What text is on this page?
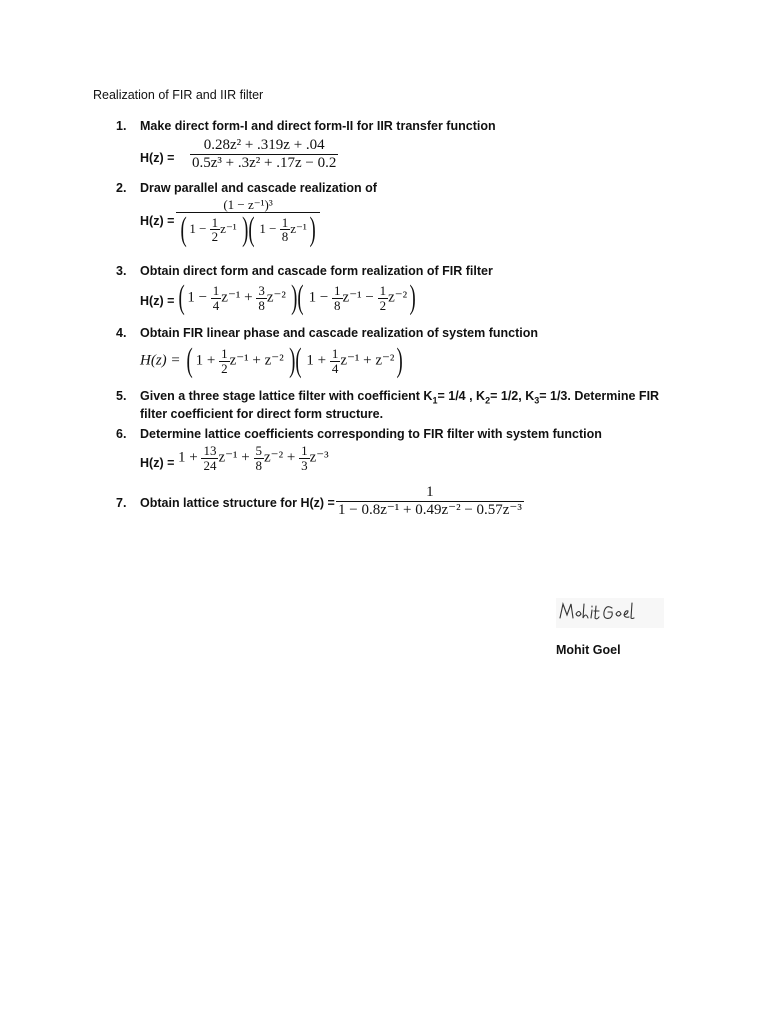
Realization of FIR and IIR filter
1. Make direct form-I and direct form-II for IIR transfer function
$H(z) = \frac{\text{0.28z² + .319z + .04}}{\text{0.5z³ + .3z² + .17z − 0.2}}$
2. Draw parallel and cascade realization of
$H(z) = \frac{\text{(1 − z⁻¹)³}}{( 1 - \frac{1}{2} z^{-1} )( 1 - \frac{1}{8} z^{-1})}$
3. Obtain direct form and cascade form realization of FIR filter
H(z) = ( $1 - \frac{1}{4} z^{-1} + \frac{3}{8} z^{-2}$ )( $1 - \frac{1}{8} z^{-1} - \frac{1}{2} z^{-2}$)
4. Obtain FIR linear phase and cascade realization of system function
H(z) = ( $1 + \frac{1}{2} z^{-1} + z^{-2}$ )( $1 + \frac{1}{4} z^{-1} + z^{-2}$)
5. Given a three stage lattice filter with coefficient $K_1= 1/4$ , $K_2= 1/2$, $K_3= 1/3$. Determine FIR
filter coefficient for direct form structure.
6. Determine lattice coefficients corresponding to FIR filter with system function
$H(z) = 1 + \frac{13}{24} z^{-1} + \frac{5}{8} z^{-2} + \frac{1}{3} z^{-3}$
7. Obtain lattice structure for $H(z) = \frac{1}{\text{1 − 0.8z⁻¹ + 0.49z⁻² − 0.57z⁻³}}$
Mohit Goel
